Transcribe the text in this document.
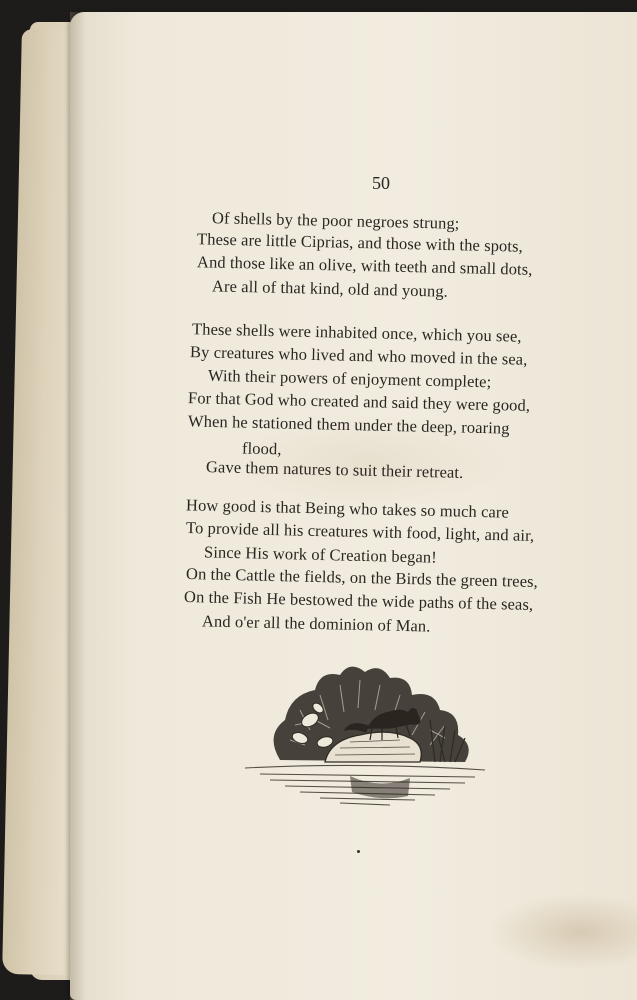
50
Of shells by the poor negroes strung;
These are little Ciprias, and those with the spots,
And those like an olive, with teeth and small dots,
Are all of that kind, old and young.
These shells were inhabited once, which you see,
By creatures who lived and who moved in the sea,
With their powers of enjoyment complete;
For that God who created and said they were good,
When he stationed them under the deep, roaring
flood,
Gave them natures to suit their retreat.
How good is that Being who takes so much care
To provide all his creatures with food, light, and air,
Since His work of Creation began!
On the Cattle the fields, on the Birds the green trees,
On the Fish He bestowed the wide paths of the seas,
And o'er all the dominion of Man.
